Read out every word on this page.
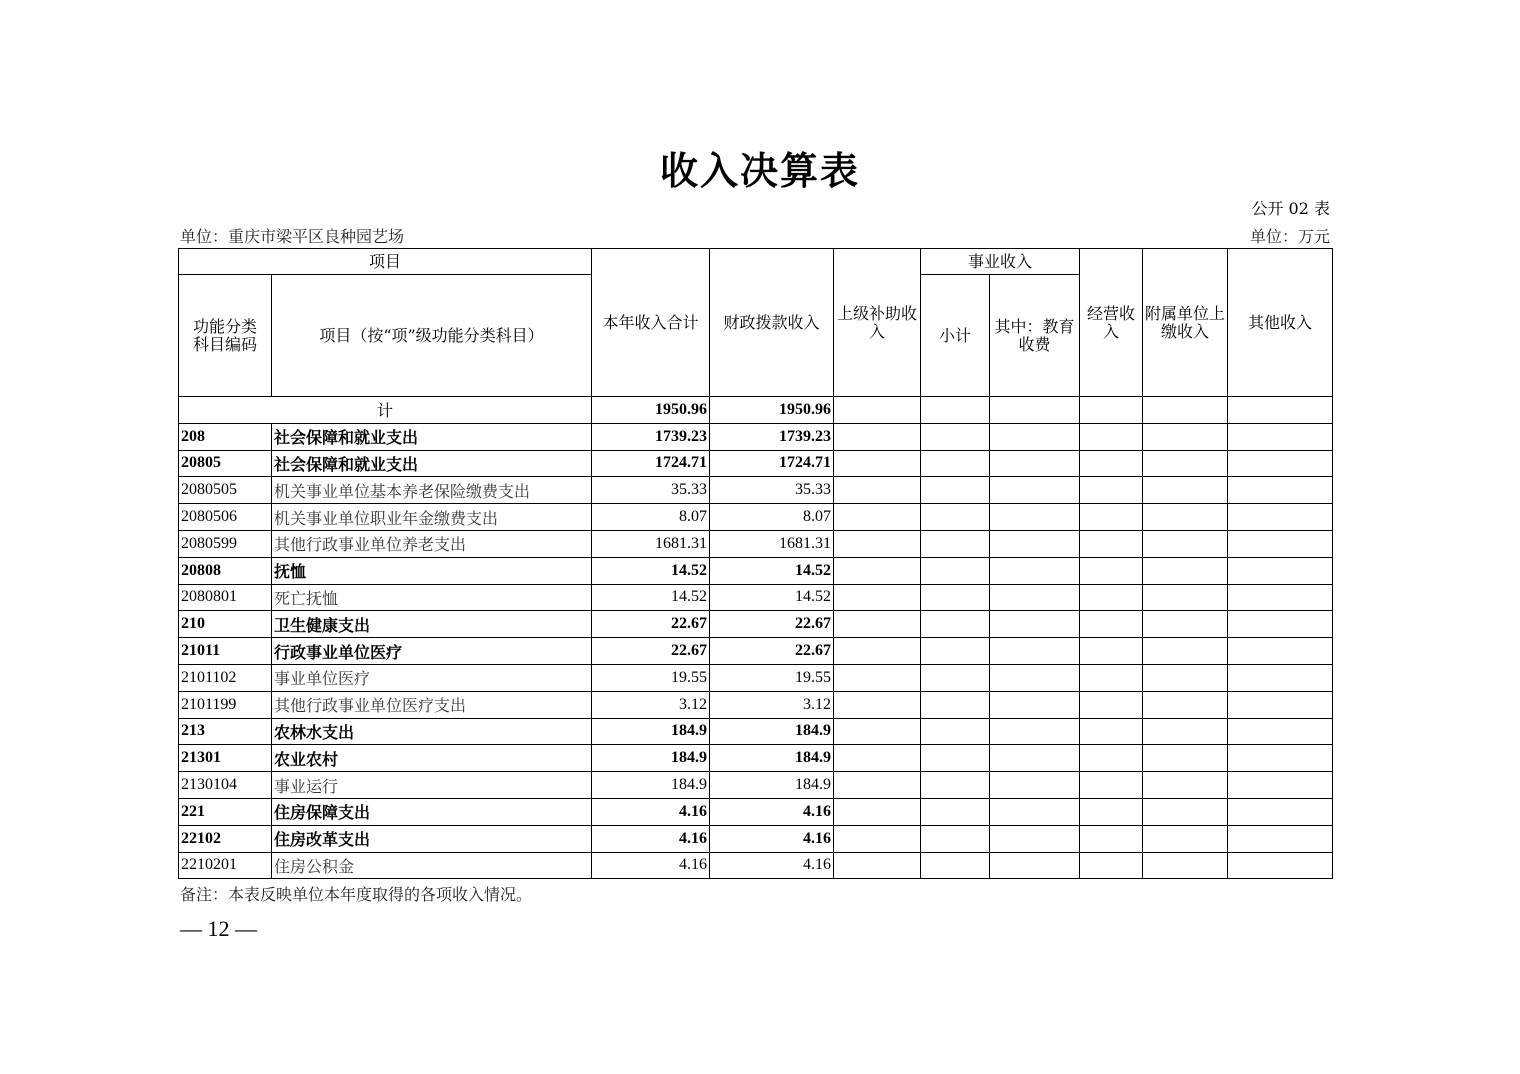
收入决算表
公开 02 表
单位：重庆市梁平区良种园艺场	单位：万元
项目		本年收入合计	财政拨款收入	上级补助收入	事业收入		经营收入	附属单位上缴收入	其他收入
功能分类科目编码	项目（按“项”级功能分类科目）				小计	其中：教育收费			
计		1950.96	1950.96						
208	社会保障和就业支出	1739.23	1739.23						
20805	社会保障和就业支出	1724.71	1724.71						
2080505	机关事业单位基本养老保险缴费支出	35.33	35.33						
2080506	机关事业单位职业年金缴费支出	8.07	8.07						
2080599	其他行政事业单位养老支出	1681.31	1681.31						
20808	抚恤	14.52	14.52						
2080801	死亡抚恤	14.52	14.52						
210	卫生健康支出	22.67	22.67						
21011	行政事业单位医疗	22.67	22.67						
2101102	事业单位医疗	19.55	19.55						
2101199	其他行政事业单位医疗支出	3.12	3.12						
213	农林水支出	184.9	184.9						
21301	农业农村	184.9	184.9						
2130104	事业运行	184.9	184.9						
221	住房保障支出	4.16	4.16						
22102	住房改革支出	4.16	4.16						
2210201	住房公积金	4.16	4.16						
备注：本表反映单位本年度取得的各项收入情况。
— 12 —
